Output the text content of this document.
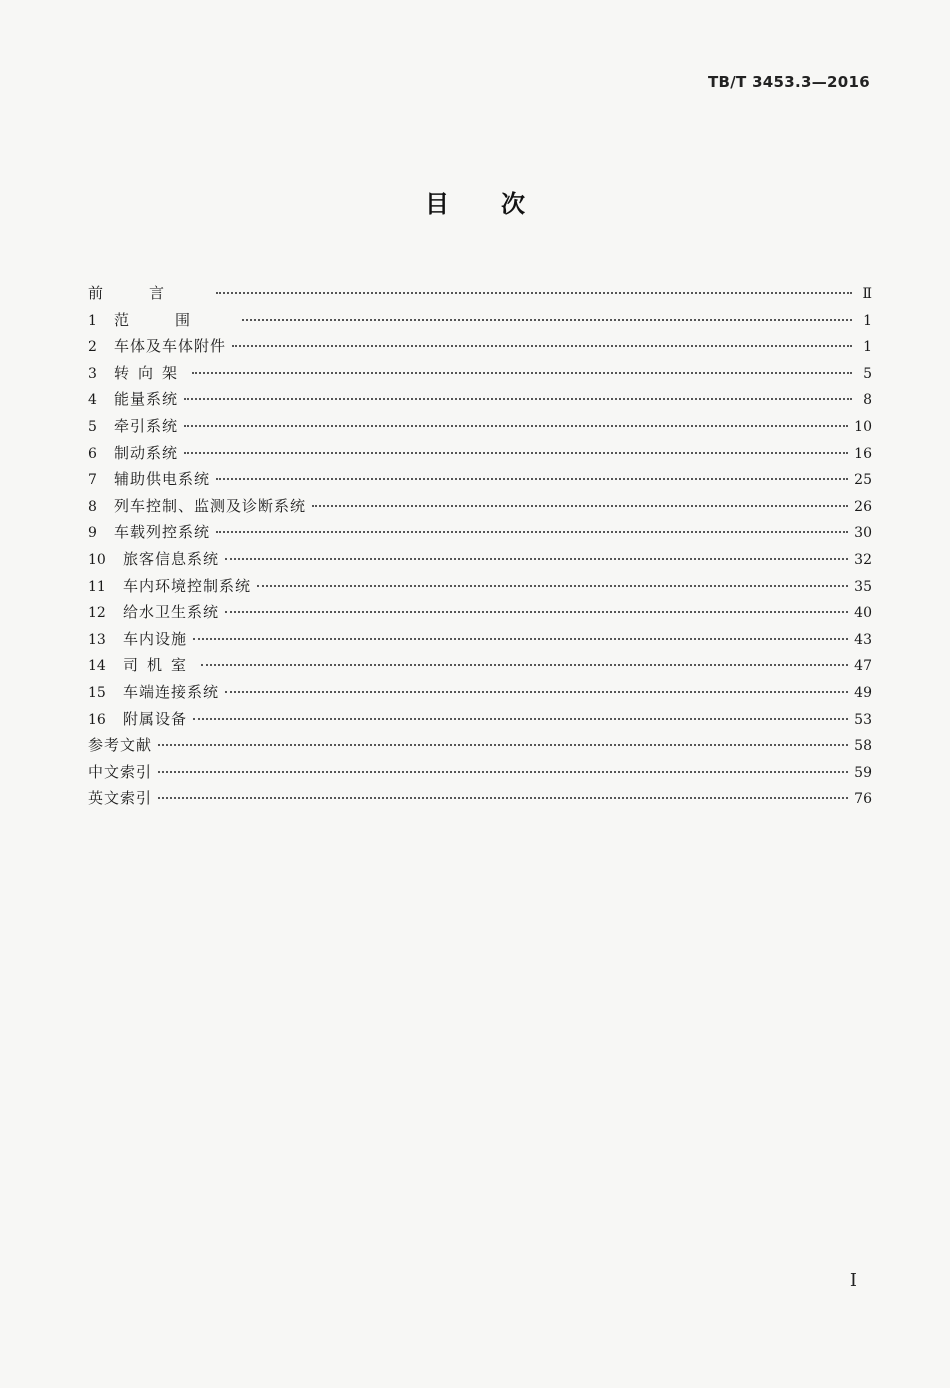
TB/T 3453.3—2016
目次
前言	Ⅱ
1	范围	1
2	车体及车体附件	1
3	转向架	5
4	能量系统	8
5	牵引系统	10
6	制动系统	16
7	辅助供电系统	25
8	列车控制、监测及诊断系统	26
9	车载列控系统	30
10	旅客信息系统	32
11	车内环境控制系统	35
12	给水卫生系统	40
13	车内设施	43
14	司机室	47
15	车端连接系统	49
16	附属设备	53
参考文献	58
中文索引	59
英文索引	76
I
